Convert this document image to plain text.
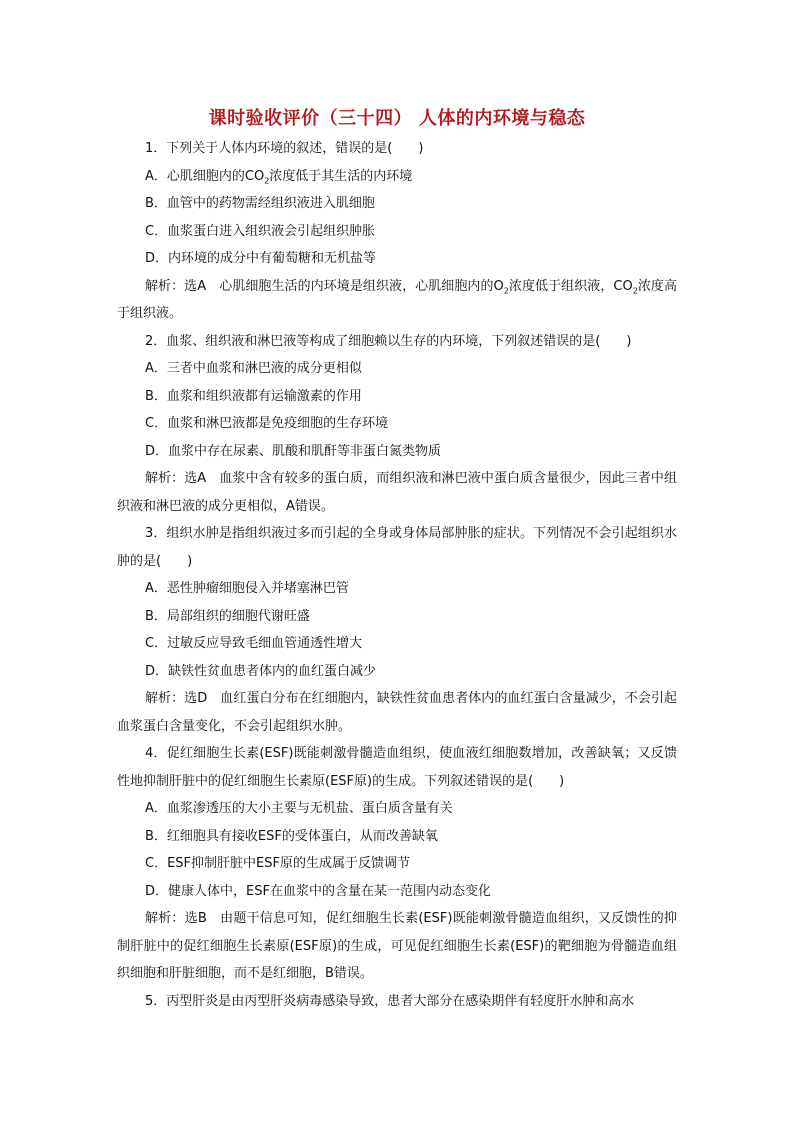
课时验收评价（三十四） 人体的内环境与稳态

1．下列关于人体内环境的叙述，错误的是(　　)

A．心肌细胞内的$CO_2$浓度低于其生活的内环境

B．血管中的药物需经组织液进入肌细胞

C．血浆蛋白进入组织液会引起组织肿胀

D．内环境的成分中有葡萄糖和无机盐等

解析：选A　心肌细胞生活的内环境是组织液，心肌细胞内的$O_2$浓度低于组织液，$CO_2$浓度高于组织液。

2．血浆、组织液和淋巴液等构成了细胞赖以生存的内环境，下列叙述错误的是(　　)

A．三者中血浆和淋巴液的成分更相似

B．血浆和组织液都有运输激素的作用

C．血浆和淋巴液都是免疫细胞的生存环境

D．血浆中存在尿素、肌酸和肌酐等非蛋白氮类物质

解析：选A　血浆中含有较多的蛋白质，而组织液和淋巴液中蛋白质含量很少，因此三者中组织液和淋巴液的成分更相似，A错误。

3．组织水肿是指组织液过多而引起的全身或身体局部肿胀的症状。下列情况不会引起组织水肿的是(　　)

A．恶性肿瘤细胞侵入并堵塞淋巴管

B．局部组织的细胞代谢旺盛

C．过敏反应导致毛细血管通透性增大

D．缺铁性贫血患者体内的血红蛋白减少

解析：选D　血红蛋白分布在红细胞内，缺铁性贫血患者体内的血红蛋白含量减少，不会引起血浆蛋白含量变化，不会引起组织水肿。

4．促红细胞生长素(ESF)既能刺激骨髓造血组织，使血液红细胞数增加，改善缺氧；又反馈性地抑制肝脏中的促红细胞生长素原(ESF原)的生成。下列叙述错误的是(　　)

A．血浆渗透压的大小主要与无机盐、蛋白质含量有关

B．红细胞具有接收ESF的受体蛋白，从而改善缺氧

C．ESF抑制肝脏中ESF原的生成属于反馈调节

D．健康人体中，ESF在血浆中的含量在某一范围内动态变化

解析：选B　由题干信息可知，促红细胞生长素(ESF)既能刺激骨髓造血组织，又反馈性的抑制肝脏中的促红细胞生长素原(ESF原)的生成，可见促红细胞生长素(ESF)的靶细胞为骨髓造血组织细胞和肝脏细胞，而不是红细胞，B错误。

5．丙型肝炎是由丙型肝炎病毒感染导致，患者大部分在感染期伴有轻度肝水肿和高水
